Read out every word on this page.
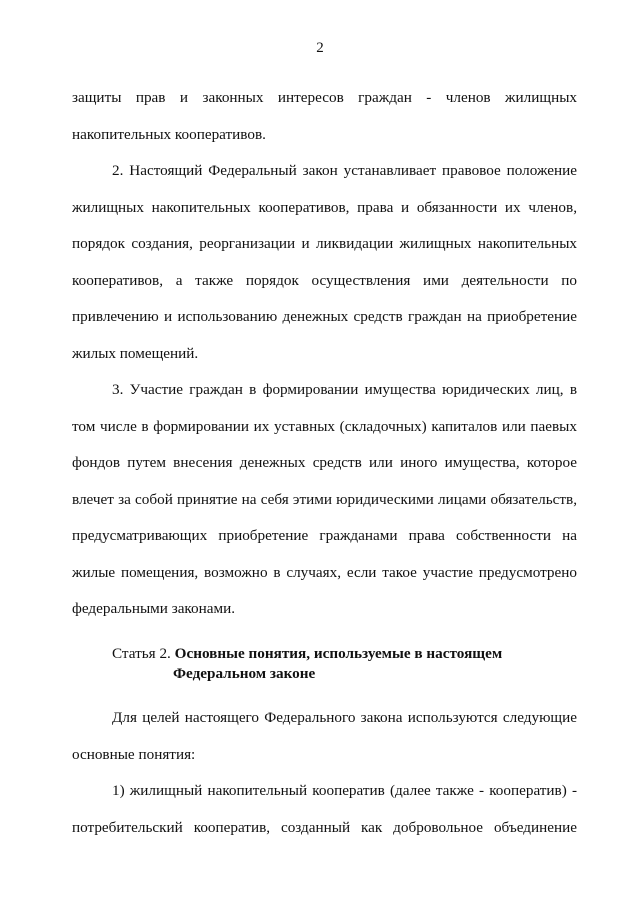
2

защиты прав и законных интересов граждан - членов жилищных
накопительных кооперативов.

2. Настоящий Федеральный закон устанавливает правовое положение
жилищных накопительных кооперативов, права и обязанности их членов,
порядок создания, реорганизации и ликвидации жилищных накопительных
кооперативов, а также порядок осуществления ими деятельности по
привлечению и использованию денежных средств граждан на приобретение
жилых помещений.

3. Участие граждан в формировании имущества юридических лиц, в
том числе в формировании их уставных (складочных) капиталов или паевых
фондов путем внесения денежных средств или иного имущества, которое
влечет за собой принятие на себя этими юридическими лицами обязательств,
предусматривающих приобретение гражданами права собственности на
жилые помещения, возможно в случаях, если такое участие предусмотрено
федеральными законами.

Статья 2. Основные понятия, используемые в настоящем
Федеральном законе

Для целей настоящего Федерального закона используются следующие
основные понятия:

1) жилищный накопительный кооператив (далее также - кооператив) -
потребительский кооператив, созданный как добровольное объединение
